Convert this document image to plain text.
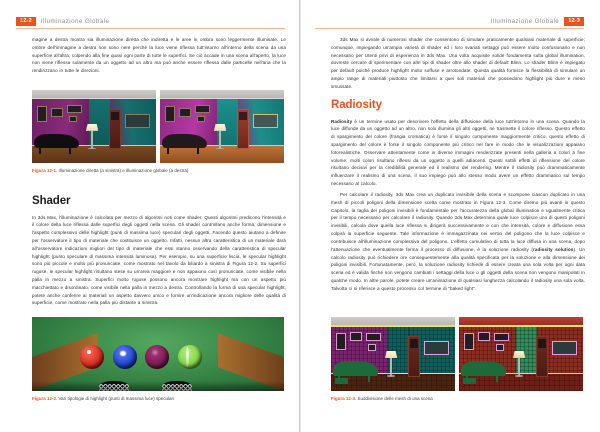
12-2	Illuminazione Globale

magine a destra mostra sia illuminazione diretta che indiretta e le aree in ombra sono leggermente illuminate. Le ombre dell'immagine a destra non sono nere perché la luce viene riflessa tutt'intorno all'interno della scena da una superficie all'altra, colpendo alla fine quasi ogni parte di tutte le superfici. Se ciò accade in una scena all'aperto, la luce non viene riflessa solamente da un oggetto ad un altro ma può anche essere riflessa dalle particelle nell'aria che la rendirizzano in tutte le direzioni.

Figura 12-1. Illuminazione diretta (a sinistra) e illuminazione globale (a destra)
Shader

In 3ds Max, l'illuminazione è calcolata per mezzo di algoritmi noti come shader. Questi algoritmi predicono l'intensità e il colore della luce riflessa dalle superfici degli oggetti nella scena. Gli shader controllano anche forma, dimensione e l'aspetto complessivo delle highlight (punti di massima luce) speculari degli oggetti. Facendo questo aiutano a definire per l'osservatore il tipo di materiale che costituisce un oggetto. Infatti, nessun altra caratteristica di un materiale darà all'osservatore indicazioni migliori del tipo di materiale che essi stanno osservando della caratteristica di specular highlight (punto speculare di massima intensità luminosa). Per esempio, su una superficie liscia, le specular highlight sono più piccole e molto più pronunciate, come mostrato nel tavolo da biliardo a sinistra di Figura 12-2. Su superfici rugose, le specular highlight risultano stese su un'area maggiore e non appaiono così pronunciate, come visibile nella palla in mezzo a sinistra. Superfici molto rugose possono ancora mostrare highlight ma con un aspetto più macchiettato e disordinato, come visibile nella palla in mezzo a destra. Controllando la forma di una specular highlight, potete anche conferire ai materiali un aspetto davvero unico e fornire un'indicazione ancora migliore delle qualità di superficie, come mostrato nella palla più distante a sinistra.

Figura 12-2. Vari tipologie di highlight (punti di massima luce) speculari
Illuminazione Globale	12-3

3ds Max si avvale di numerosi shader che consentono di simulare praticamente qualsiasi materiale di superficie; comunque, impiegando un'ampia varietà di shader ed i loro svariati settaggi può essere molto confusionario e non necessario per Utenti privi di esperienza in 3ds Max. Una volta acquisite solide fondamenta sulla global illumination, dovreste cercare di sperimentare con altri tipi di shader oltre allo shader di default Blinn. Lo shader Blinn è impiegato per default poiché produce highlight molto soffuse e arrotondate. Questa qualità fornisce la flessibilità di simulare un ampio range di materiali piuttosto che limitarsi a quei soli materiali che possiedono highlight più dure e meno smussate.

Radiosity

Radiosity è un termine usato per descrivere l'effetto della diffusione della luce tutt'intorno in una scena. Quando la luce diffonde da un oggetto ad un altro, non solo illumina gli altri oggetti, ne trasmette il colore riflesso. Questo effetto di spargimento del colore (frangia cromatica) è forse il singolo componente maggiormente critico, questo effetto di spargimento del colore è forse il singolo componente più critico nel fare in modo che le visualizzazioni appaiano fotorealistiche. Osservare attentamente come in diverse immagini renderizzate presenti nella galleria a colori a fine volume, molti colori risultano riflessi da un oggetto a quelli adiacenti. Questi sottili effetti di riflessione del colore risultano decisivi per la credibilità generale ed il realismo del rendering. Mentre il radiosity può drammaticamente influenzare il realismo di una scena, il suo impiego può allo stesso modo avere un effetto drammatico sul tempo necessario al calcolo.

Per calcolare il radiosity, 3ds Max crea un duplicato invisibile della scena e scompone ciascun duplicato in una mesh di piccoli poligoni della dimensione scelta come mostrato in Figura 12-3. Come diremo più avanti in questo Capitolo, la taglia dei poligoni invisibili è fondamentale per l'accuratezza della global illumination e ugualmente critica per il tempo necessario per calcolare il radiosity. Quando 3ds Max determina quale luce colpisce uno di questi poligoni invisibili, calcola dove quella luce riflessa si dirigerà successivamente e con che intensità, colore e diffusione essa colpirà la superficie seguente. Tale informazione è immagazzinata nei vertici del poligono che la luce colpisce e contribuisce all'illuminazione complessiva del poligono. L'effetto cumulativo di tutta la luce diffusa in una scena, dopo l'attenuazione che eventualmente ferma il processo di diffusione, è la soluzione radiosity (radiosity solution). Un calcolo radiosity può richiedere ore conseguentemente alla qualità specificata per la soluzione e alla dimensione dei poligoni invisibili. Fortunatamente, però, la soluzione radiosity richiede di essere creata una sola volta per ogni data scena ed è valida finché non vengono cambiati i settaggi della luce o gli oggetti della scena non vengono manipolati in qualche modo. In altre parole, potete creare un'animazione di qualsiasi lunghezza calcolando il radiosity una sola volta. Talvolta ci si riferisce a questo processo col termine di "baked light".

Figura 12-3. Suddivisione delle mesh di una scena
